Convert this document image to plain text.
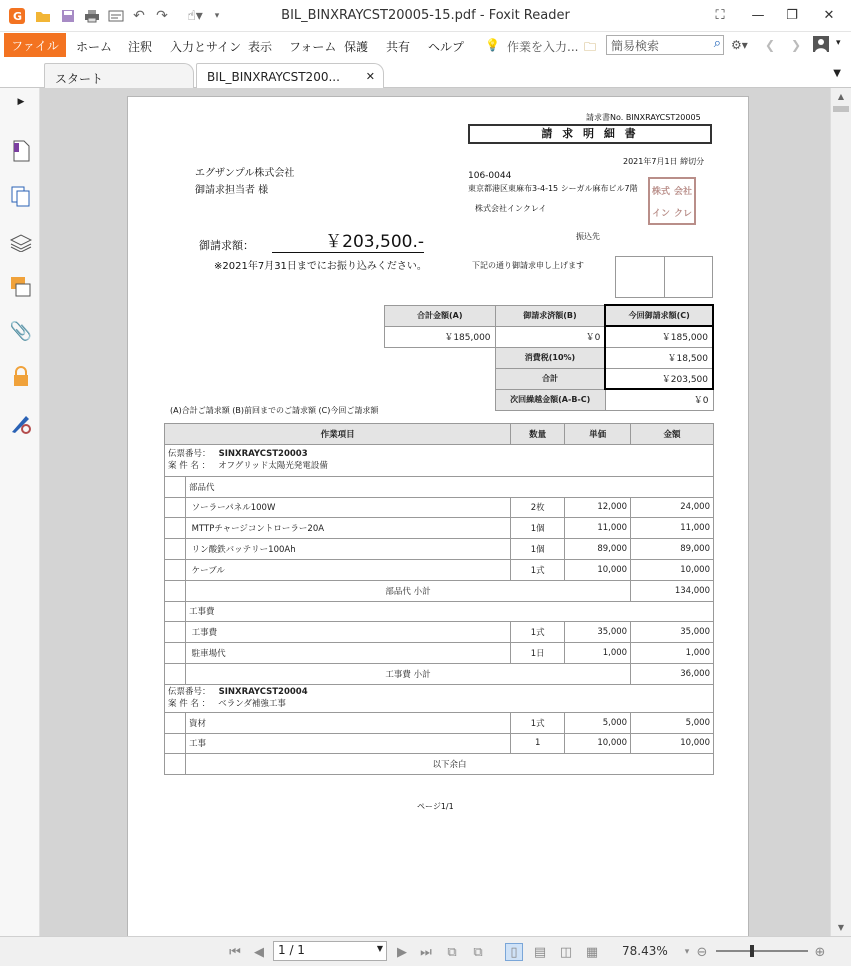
G	↶ ↷	☝▾	▾	BIL_BINXRAYCST20005-15.pdf - Foxit Reader	⛶	—	❐	✕
ファイル	ホーム 注釈 入力とサイン 表示 フォーム 保護 共有 ヘルプ 💡 作業を入力... 🗀	簡易検索	⌕ ⚙▾ ❮ ❯	▾
スタート	BIL_BINXRAYCST200... ✕	▼
▶
📎
請求書No. BINXRAYCST20005
請 求 明 細 書
2021年7月1日 締切分
エグザンプル株式会社
御請求担当者 様
106-0044
東京都港区東麻布3-4-15 シーガル麻布ビル7階
株式会社インクレイ
株式 会社
イン クレ
振込先
御請求額：	￥203,500.-
※2021年7月31日までにお振り込みください。	下記の通り御請求申し上げます
合計金額(A)	御請求済額(B)	今回御請求額(C)
￥185,000	￥0	￥185,000
	消費税(10%)	￥18,500
	合計	￥203,500
	次回繰越金額(A-B-C)	￥0
(A)合計ご請求額 (B)前回までのご請求額 (C)今回ご請求額
作業項目		数量	単価	金額
伝票番号： SINXRAYCST20003
案 件 名 ： オフグリッド太陽光発電設備				
	部品代			
	ソーラーパネル100W	2枚	12,000	24,000
	MTTPチャージコントローラー20A	1個	11,000	11,000
	リン酸鉄バッテリー100Ah	1個	89,000	89,000
	ケーブル	1式	10,000	10,000
	部品代 小計			134,000
	工事費			
	工事費	1式	35,000	35,000
	駐車場代	1日	1,000	1,000
	工事費 小計			36,000
伝票番号： SINXRAYCST20004
案 件 名 ： ベランダ補強工事				
	資材	1式	5,000	5,000
	工事	1	10,000	10,000
	以下余白			
ページ1/1
▲
▼
⏮	◀	1 / 1	▼	▶	⏭	⧉	⧉	▯	▤ ◫ ▦ 78.43%	▾ ⊖	⊕
